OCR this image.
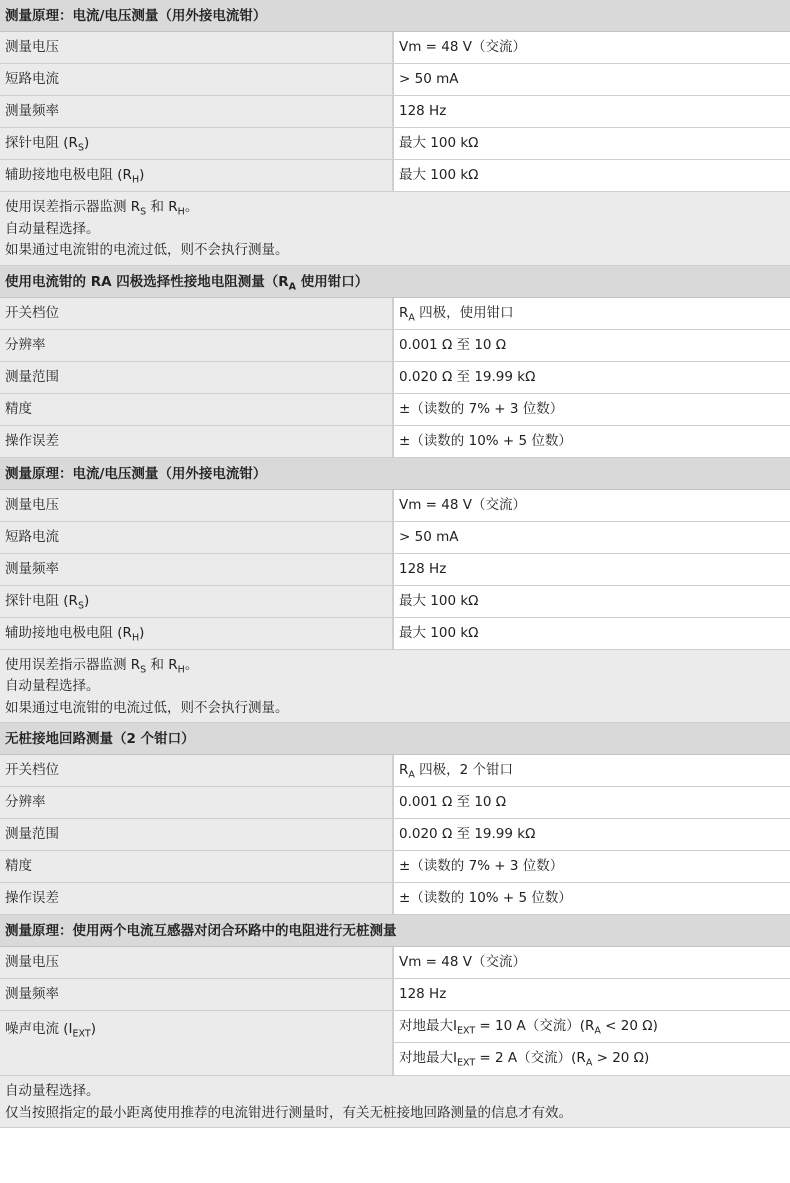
测量原理：电流/电压测量（用外接电流钳）
测量电压	Vm = 48 V（交流）
短路电流	> 50 mA
测量频率	128 Hz
探针电阻 $(R_S)$	最大 100 kΩ
辅助接地电极电阻 $(R_H)$	最大 100 kΩ
使用误差指示器监测 $R_S$ 和 $R_H$。
自动量程选择。
如果通过电流钳的电流过低，则不会执行测量。
使用电流钳的 RA 四极选择性接地电阻测量（$R_A$ 使用钳口）
开关档位	$R_A$ 四极，使用钳口
分辨率	0.001 Ω 至 10 Ω
测量范围	0.020 Ω 至 19.99 kΩ
精度	±（读数的 7% + 3 位数）
操作误差	±（读数的 10% + 5 位数）
测量原理：电流/电压测量（用外接电流钳）
测量电压	Vm = 48 V（交流）
短路电流	> 50 mA
测量频率	128 Hz
探针电阻 $(R_S)$	最大 100 kΩ
辅助接地电极电阻 $(R_H)$	最大 100 kΩ
使用误差指示器监测 $R_S$ 和 $R_H$。
自动量程选择。
如果通过电流钳的电流过低，则不会执行测量。
无桩接地回路测量（2 个钳口）
开关档位	$R_A$ 四极，2 个钳口
分辨率	0.001 Ω 至 10 Ω
测量范围	0.020 Ω 至 19.99 kΩ
精度	±（读数的 7% + 3 位数）
操作误差	±（读数的 10% + 5 位数）
测量原理：使用两个电流互感器对闭合环路中的电阻进行无桩测量
测量电压	Vm = 48 V（交流）
测量频率	128 Hz
噪声电流 $(I_{EXT})$	对地最大$I_{EXT} = 10$ A（交流）($R_A < 20$ Ω)
对地最大$I_{EXT} = 2$ A（交流）($R_A > 20$ Ω)
自动量程选择。
仅当按照指定的最小距离使用推荐的电流钳进行测量时，有关无桩接地回路测量的信息才有效。
